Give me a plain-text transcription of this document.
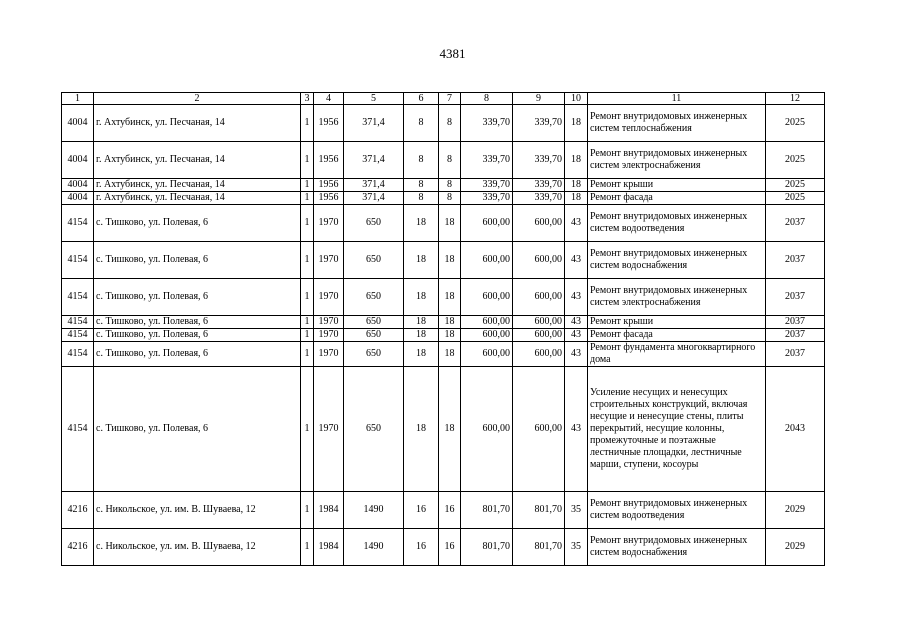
4381
1	2	3	4	5	6	7	8	9	10	11	12
4004	г. Ахтубинск, ул. Песчаная, 14	1	1956	371,4	8	8	339,70	339,70	18	Ремонт внутридомовых инженерных систем теплоснабжения	2025
4004	г. Ахтубинск, ул. Песчаная, 14	1	1956	371,4	8	8	339,70	339,70	18	Ремонт внутридомовых инженерных систем электроснабжения	2025
4004	г. Ахтубинск, ул. Песчаная, 14	1	1956	371,4	8	8	339,70	339,70	18	Ремонт крыши	2025
4004	г. Ахтубинск, ул. Песчаная, 14	1	1956	371,4	8	8	339,70	339,70	18	Ремонт фасада	2025
4154	с. Тишково, ул. Полевая, 6	1	1970	650	18	18	600,00	600,00	43	Ремонт внутридомовых инженерных систем водоотведения	2037
4154	с. Тишково, ул. Полевая, 6	1	1970	650	18	18	600,00	600,00	43	Ремонт внутридомовых инженерных систем водоснабжения	2037
4154	с. Тишково, ул. Полевая, 6	1	1970	650	18	18	600,00	600,00	43	Ремонт внутридомовых инженерных систем электроснабжения	2037
4154	с. Тишково, ул. Полевая, 6	1	1970	650	18	18	600,00	600,00	43	Ремонт крыши	2037
4154	с. Тишково, ул. Полевая, 6	1	1970	650	18	18	600,00	600,00	43	Ремонт фасада	2037
4154	с. Тишково, ул. Полевая, 6	1	1970	650	18	18	600,00	600,00	43	Ремонт фундамента многоквартирного дома	2037
4154	с. Тишково, ул. Полевая, 6	1	1970	650	18	18	600,00	600,00	43	Усиление несущих и ненесущих строительных конструкций, включая несущие и ненесущие стены, плиты перекрытий, несущие колонны, промежуточные и поэтажные лестничные площадки, лестничные марши, ступени, косоуры	2043
4216	с. Никольское, ул. им. В. Шуваева, 12	1	1984	1490	16	16	801,70	801,70	35	Ремонт внутридомовых инженерных систем водоотведения	2029
4216	с. Никольское, ул. им. В. Шуваева, 12	1	1984	1490	16	16	801,70	801,70	35	Ремонт внутридомовых инженерных систем водоснабжения	2029
